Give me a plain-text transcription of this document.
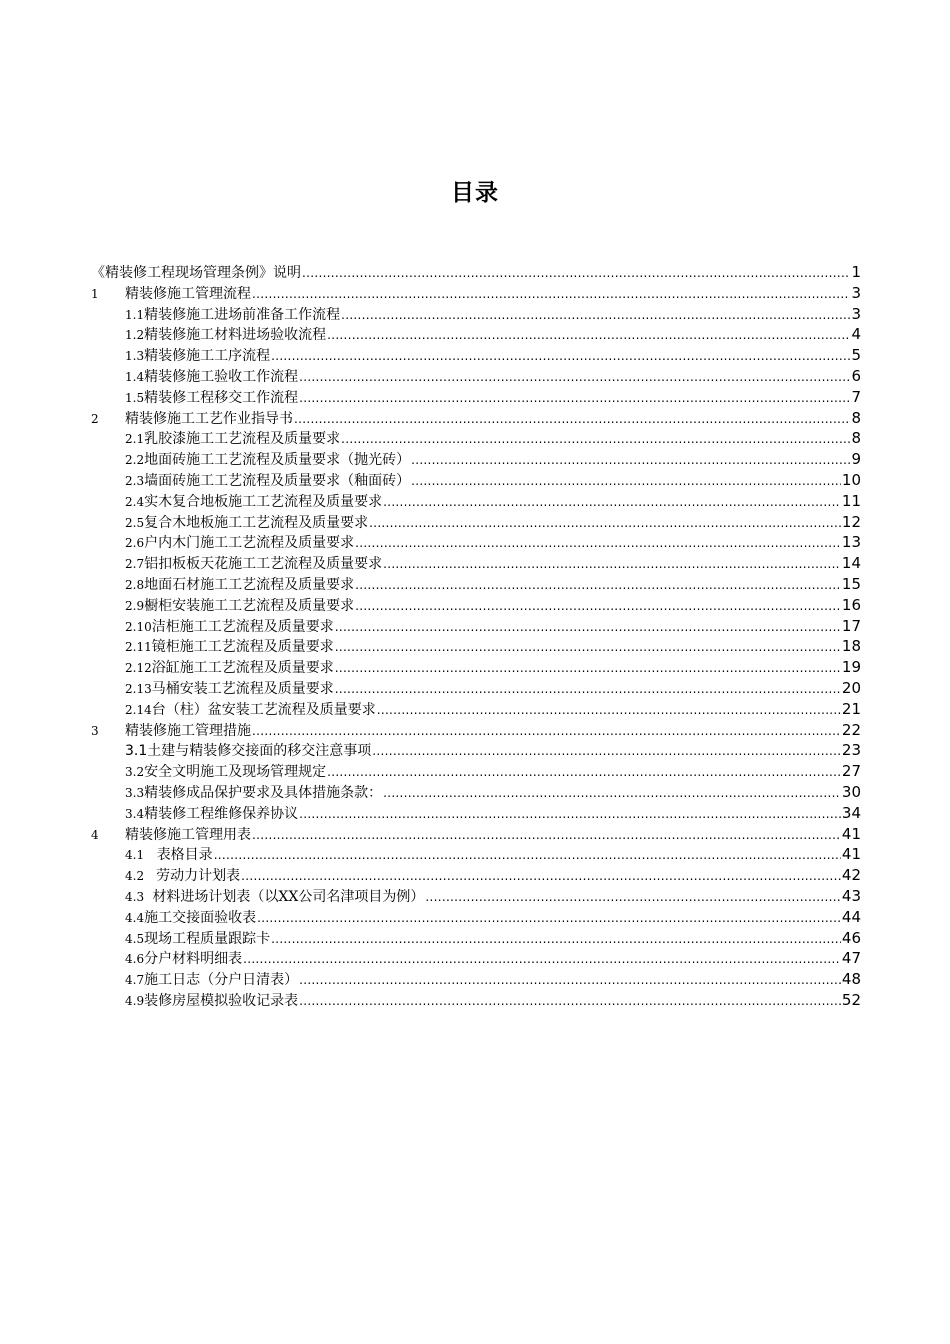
目录
《精装修工程现场管理条例》说明 .....	1
1	精装修施工管理流程 .....	3
1.1 精装修施工进场前准备工作流程 .....	3
1.2 精装修施工材料进场验收流程 .....	4
1.3 精装修施工工序流程 .....	5
1.4 精装修施工验收工作流程 .....	6
1.5 精装修工程移交工作流程 .....	7
2	精装修施工工艺作业指导书 .....	8
2.1 乳胶漆施工工艺流程及质量要求 .....	8
2.2 地面砖施工工艺流程及质量要求（抛光砖） .....	9
2.3 墙面砖施工工艺流程及质量要求（釉面砖） .....	10
2.4 实木复合地板施工工艺流程及质量要求 .....	11
2.5 复合木地板施工工艺流程及质量要求 .....	12
2.6 户内木门施工工艺流程及质量要求 .....	13
2.7 铝扣板板天花施工工艺流程及质量要求 .....	14
2.8 地面石材施工工艺流程及质量要求 .....	15
2.9 橱柜安装施工工艺流程及质量要求 .....	16
2.10 洁柜施工工艺流程及质量要求 .....	17
2.11 镜柜施工工艺流程及质量要求 .....	18
2.12 浴缸施工工艺流程及质量要求 .....	19
2.13 马桶安装工艺流程及质量要求 .....	20
2.14 台（柱）盆安装工艺流程及质量要求 .....	21
3	精装修施工管理措施 .....	22
3.1 土建与精装修交接面的移交注意事项 .....	23
3.2 安全文明施工及现场管理规定 .....	27
3.3 精装修成品保护要求及具体措施条款： .....	30
3.4 精装修工程维修保养协议 .....	34
4	精装修施工管理用表 .....	41
4.1 表格目录 .....	41
4.2 劳动力计划表 .....	42
4.3 材料进场计划表（以XX公司名津项目为例） .....	43
4.4 施工交接面验收表 .....	44
4.5 现场工程质量跟踪卡 .....	46
4.6 分户材料明细表 .....	47
4.7 施工日志（分户日清表） .....	48
4.9 装修房屋模拟验收记录表 .....	52
